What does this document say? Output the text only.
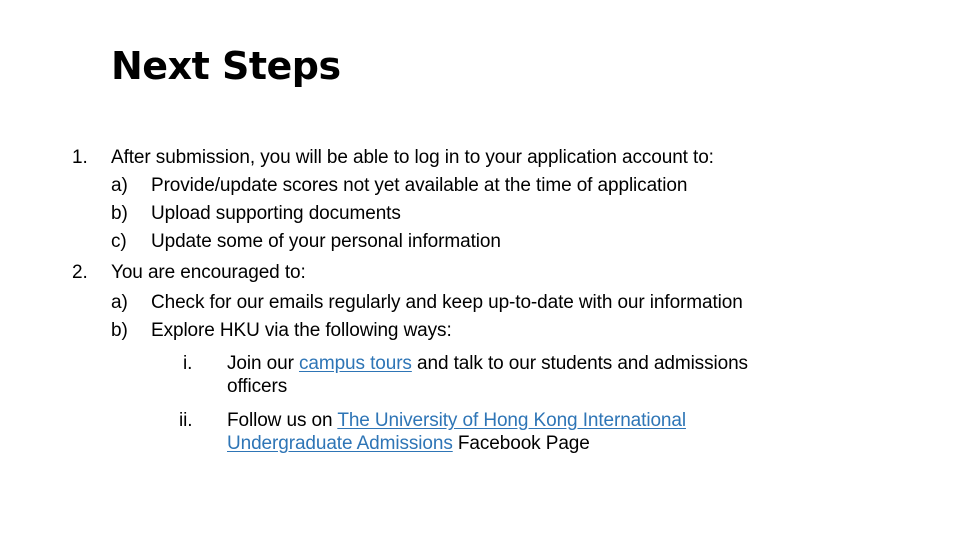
Next Steps
1. After submission, you will be able to log in to your application account to:
a) Provide/update scores not yet available at the time of application
b) Upload supporting documents
c) Update some of your personal information
2. You are encouraged to:
a) Check for our emails regularly and keep up-to-date with our information
b) Explore HKU via the following ways:
i. Join our campus tours and talk to our students and admissions
officers
ii. Follow us on The University of Hong Kong International
Undergraduate Admissions Facebook Page
